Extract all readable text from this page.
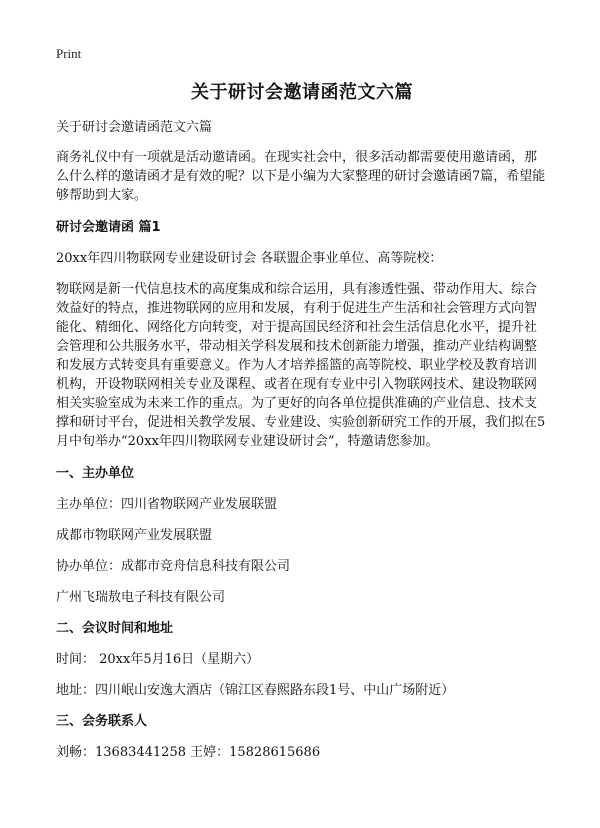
Print
关于研讨会邀请函范文六篇

关于研讨会邀请函范文六篇

商务礼仪中有一项就是活动邀请函。在现实社会中，很多活动都需要使用邀请函，那么什么样的邀请函才是有效的呢？以下是小编为大家整理的研讨会邀请函7篇，希望能够帮助到大家。

研讨会邀请函 篇1

20xx年四川物联网专业建设研讨会 各联盟企事业单位、高等院校：

物联网是新一代信息技术的高度集成和综合运用，具有渗透性强、带动作用大、综合效益好的特点，推进物联网的应用和发展，有利于促进生产生活和社会管理方式向智能化、精细化、网络化方向转变，对于提高国民经济和社会生活信息化水平，提升社会管理和公共服务水平，带动相关学科发展和技术创新能力增强，推动产业结构调整和发展方式转变具有重要意义。作为人才培养摇篮的高等院校、职业学校及教育培训机构，开设物联网相关专业及课程、或者在现有专业中引入物联网技术、建设物联网相关实验室成为未来工作的重点。为了更好的向各单位提供准确的产业信息、技术支撑和研讨平台，促进相关教学发展、专业建设、实验创新研究工作的开展，我们拟在5月中旬举办“20xx年四川物联网专业建设研讨会”，特邀请您参加。

一、主办单位

主办单位：四川省物联网产业发展联盟

成都市物联网产业发展联盟

协办单位：成都市竞舟信息科技有限公司

广州飞瑞敖电子科技有限公司

二、会议时间和地址

时间： 20xx年5月16日（星期六）

地址：四川岷山安逸大酒店（锦江区春熙路东段1号、中山广场附近）

三、会务联系人

刘畅：13683441258 王婷：15828615686
